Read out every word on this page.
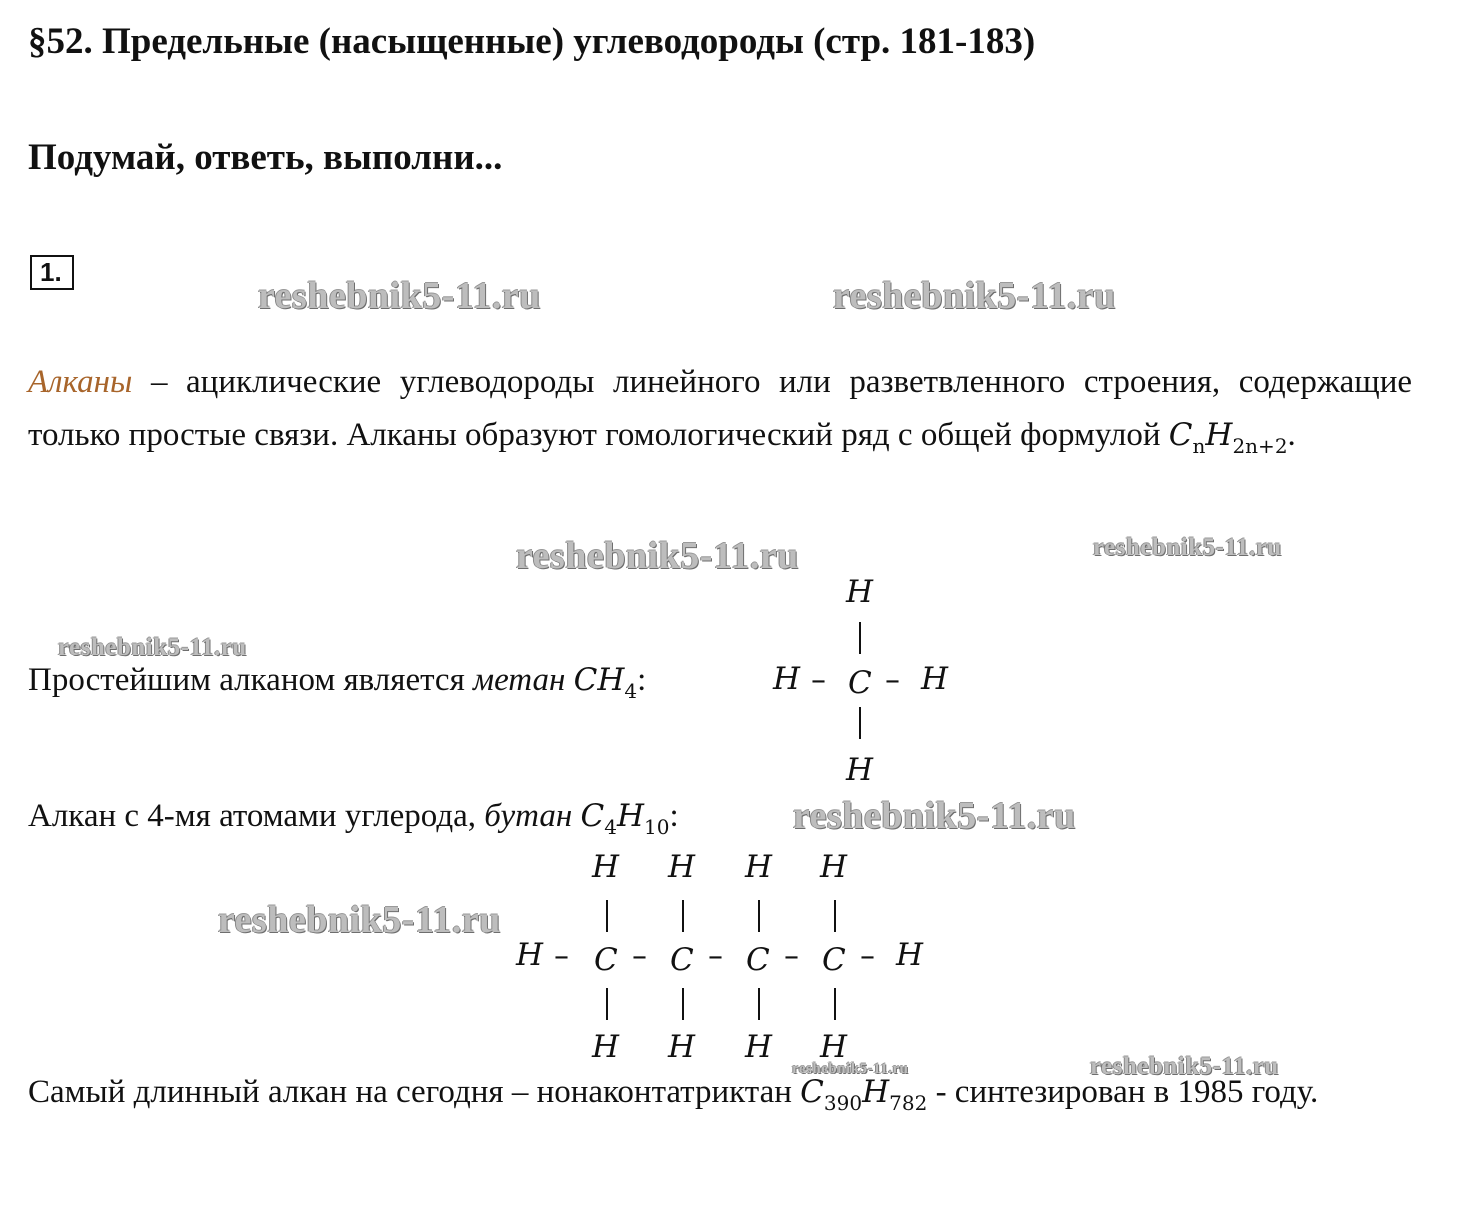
§52. Предельные (насыщенные) углеводороды (стр. 181-183)
Подумай, ответь, выполни...
1.
reshebnik5-11.ru	reshebnik5-11.ru
reshebnik5-11.ru	reshebnik5-11.ru
reshebnik5-11.ru
reshebnik5-11.ru
reshebnik5-11.ru
reshebnik5-11.ru	reshebnik5-11.ru
Алканы – ациклические углеводороды линейного или разветвленного строения, содержащие только простые связи. Алканы образуют гомологический ряд с общей формулой $C_nH_{2n+2}$.
Простейшим алканом является метан $CH_4$:
H
H – C – H
H
Алкан с 4-мя атомами углерода, бутан $C_4H_{10}$:
H H H H
H – C – C – C – C – H
H H H H
Самый длинный алкан на сегодня – нонаконтатриктан $C_{390}H_{782}$ - синтезирован в 1985 году.
